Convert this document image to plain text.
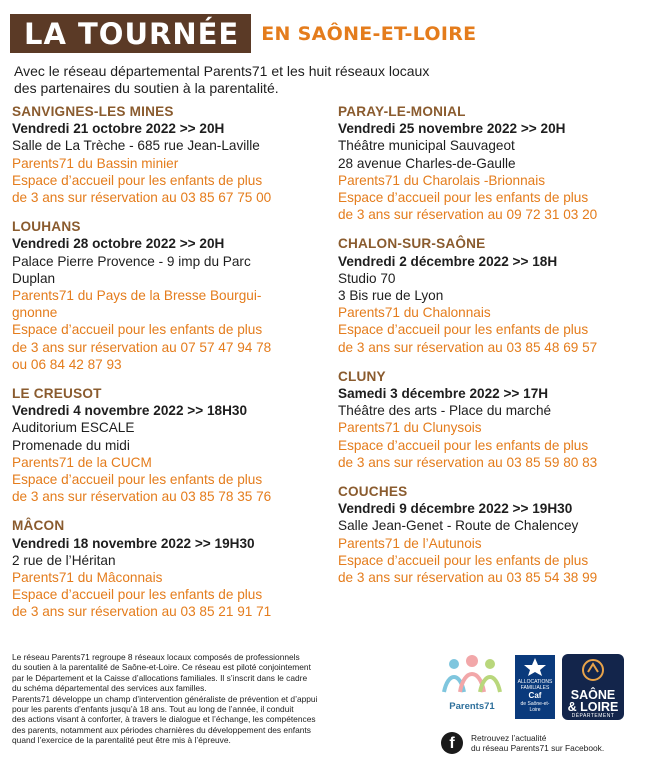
LA TOURNÉE	EN SAÔNE-ET-LOIRE
Avec le réseau départemental Parents71 et les huit réseaux locaux
des partenaires du soutien à la parentalité.
SANVIGNES-LES MINES
Vendredi 21 octobre 2022 >> 20H
Salle de La Trèche - 685 rue Jean-Laville
Parents71 du Bassin minier
Espace d’accueil pour les enfants de plus
de 3 ans sur réservation au 03 85 67 75 00
LOUHANS
Vendredi 28 octobre 2022 >> 20H
Palace Pierre Provence - 9 imp du Parc
Duplan
Parents71 du Pays de la Bresse Bourgui-
gnonne
Espace d’accueil pour les enfants de plus
de 3 ans sur réservation au 07 57 47 94 78
ou 06 84 42 87 93
LE CREUSOT
Vendredi 4 novembre 2022 >> 18H30
Auditorium ESCALE
Promenade du midi
Parents71 de la CUCM
Espace d’accueil pour les enfants de plus
de 3 ans sur réservation au 03 85 78 35 76
MÂCON
Vendredi 18 novembre 2022 >> 19H30
2 rue de l’Héritan
Parents71 du Mâconnais
Espace d’accueil pour les enfants de plus
de 3 ans sur réservation au 03 85 21 91 71
PARAY-LE-MONIAL
Vendredi 25 novembre 2022 >> 20H
Théâtre municipal Sauvageot
28 avenue Charles-de-Gaulle
Parents71 du Charolais -Brionnais
Espace d’accueil pour les enfants de plus
de 3 ans sur réservation au 09 72 31 03 20
CHALON-SUR-SAÔNE
Vendredi 2 décembre 2022 >> 18H
Studio 70
3 Bis rue de Lyon
Parents71 du Chalonnais
Espace d’accueil pour les enfants de plus
de 3 ans sur réservation au 03 85 48 69 57
CLUNY
Samedi 3 décembre 2022 >> 17H
Théâtre des arts - Place du marché
Parents71 du Clunysois
Espace d’accueil pour les enfants de plus
de 3 ans sur réservation au 03 85 59 80 83
COUCHES
Vendredi 9 décembre 2022 >> 19H30
Salle Jean-Genet - Route de Chalencey
Parents71 de l’Autunois
Espace d’accueil pour les enfants de plus
de 3 ans sur réservation au 03 85 54 38 99
Le réseau Parents71 regroupe 8 réseaux locaux composés de professionnels
du soutien à la parentalité de Saône-et-Loire. Ce réseau est piloté conjointement
par le Département et la Caisse d’allocations familiales. Il s’inscrit dans le cadre
du schéma départemental des services aux familles.
Parents71 développe un champ d’intervention généraliste de prévention et d’appui
pour les parents d’enfants jusqu’à 18 ans. Tout au long de l’année, il conduit
des actions visant à conforter, à travers le dialogue et l’échange, les compétences
des parents, notamment aux périodes charnières du développement des enfants
quand l’exercice de la parentalité peut être mis à l’épreuve.
Parents71
ALLOCATIONS
FAMILIALES
Caf
de Saône-et-Loire
SAÔNE
& LOIRE
DÉPARTEMENT
f	Retrouvez l’actualité
du réseau Parents71 sur Facebook.
